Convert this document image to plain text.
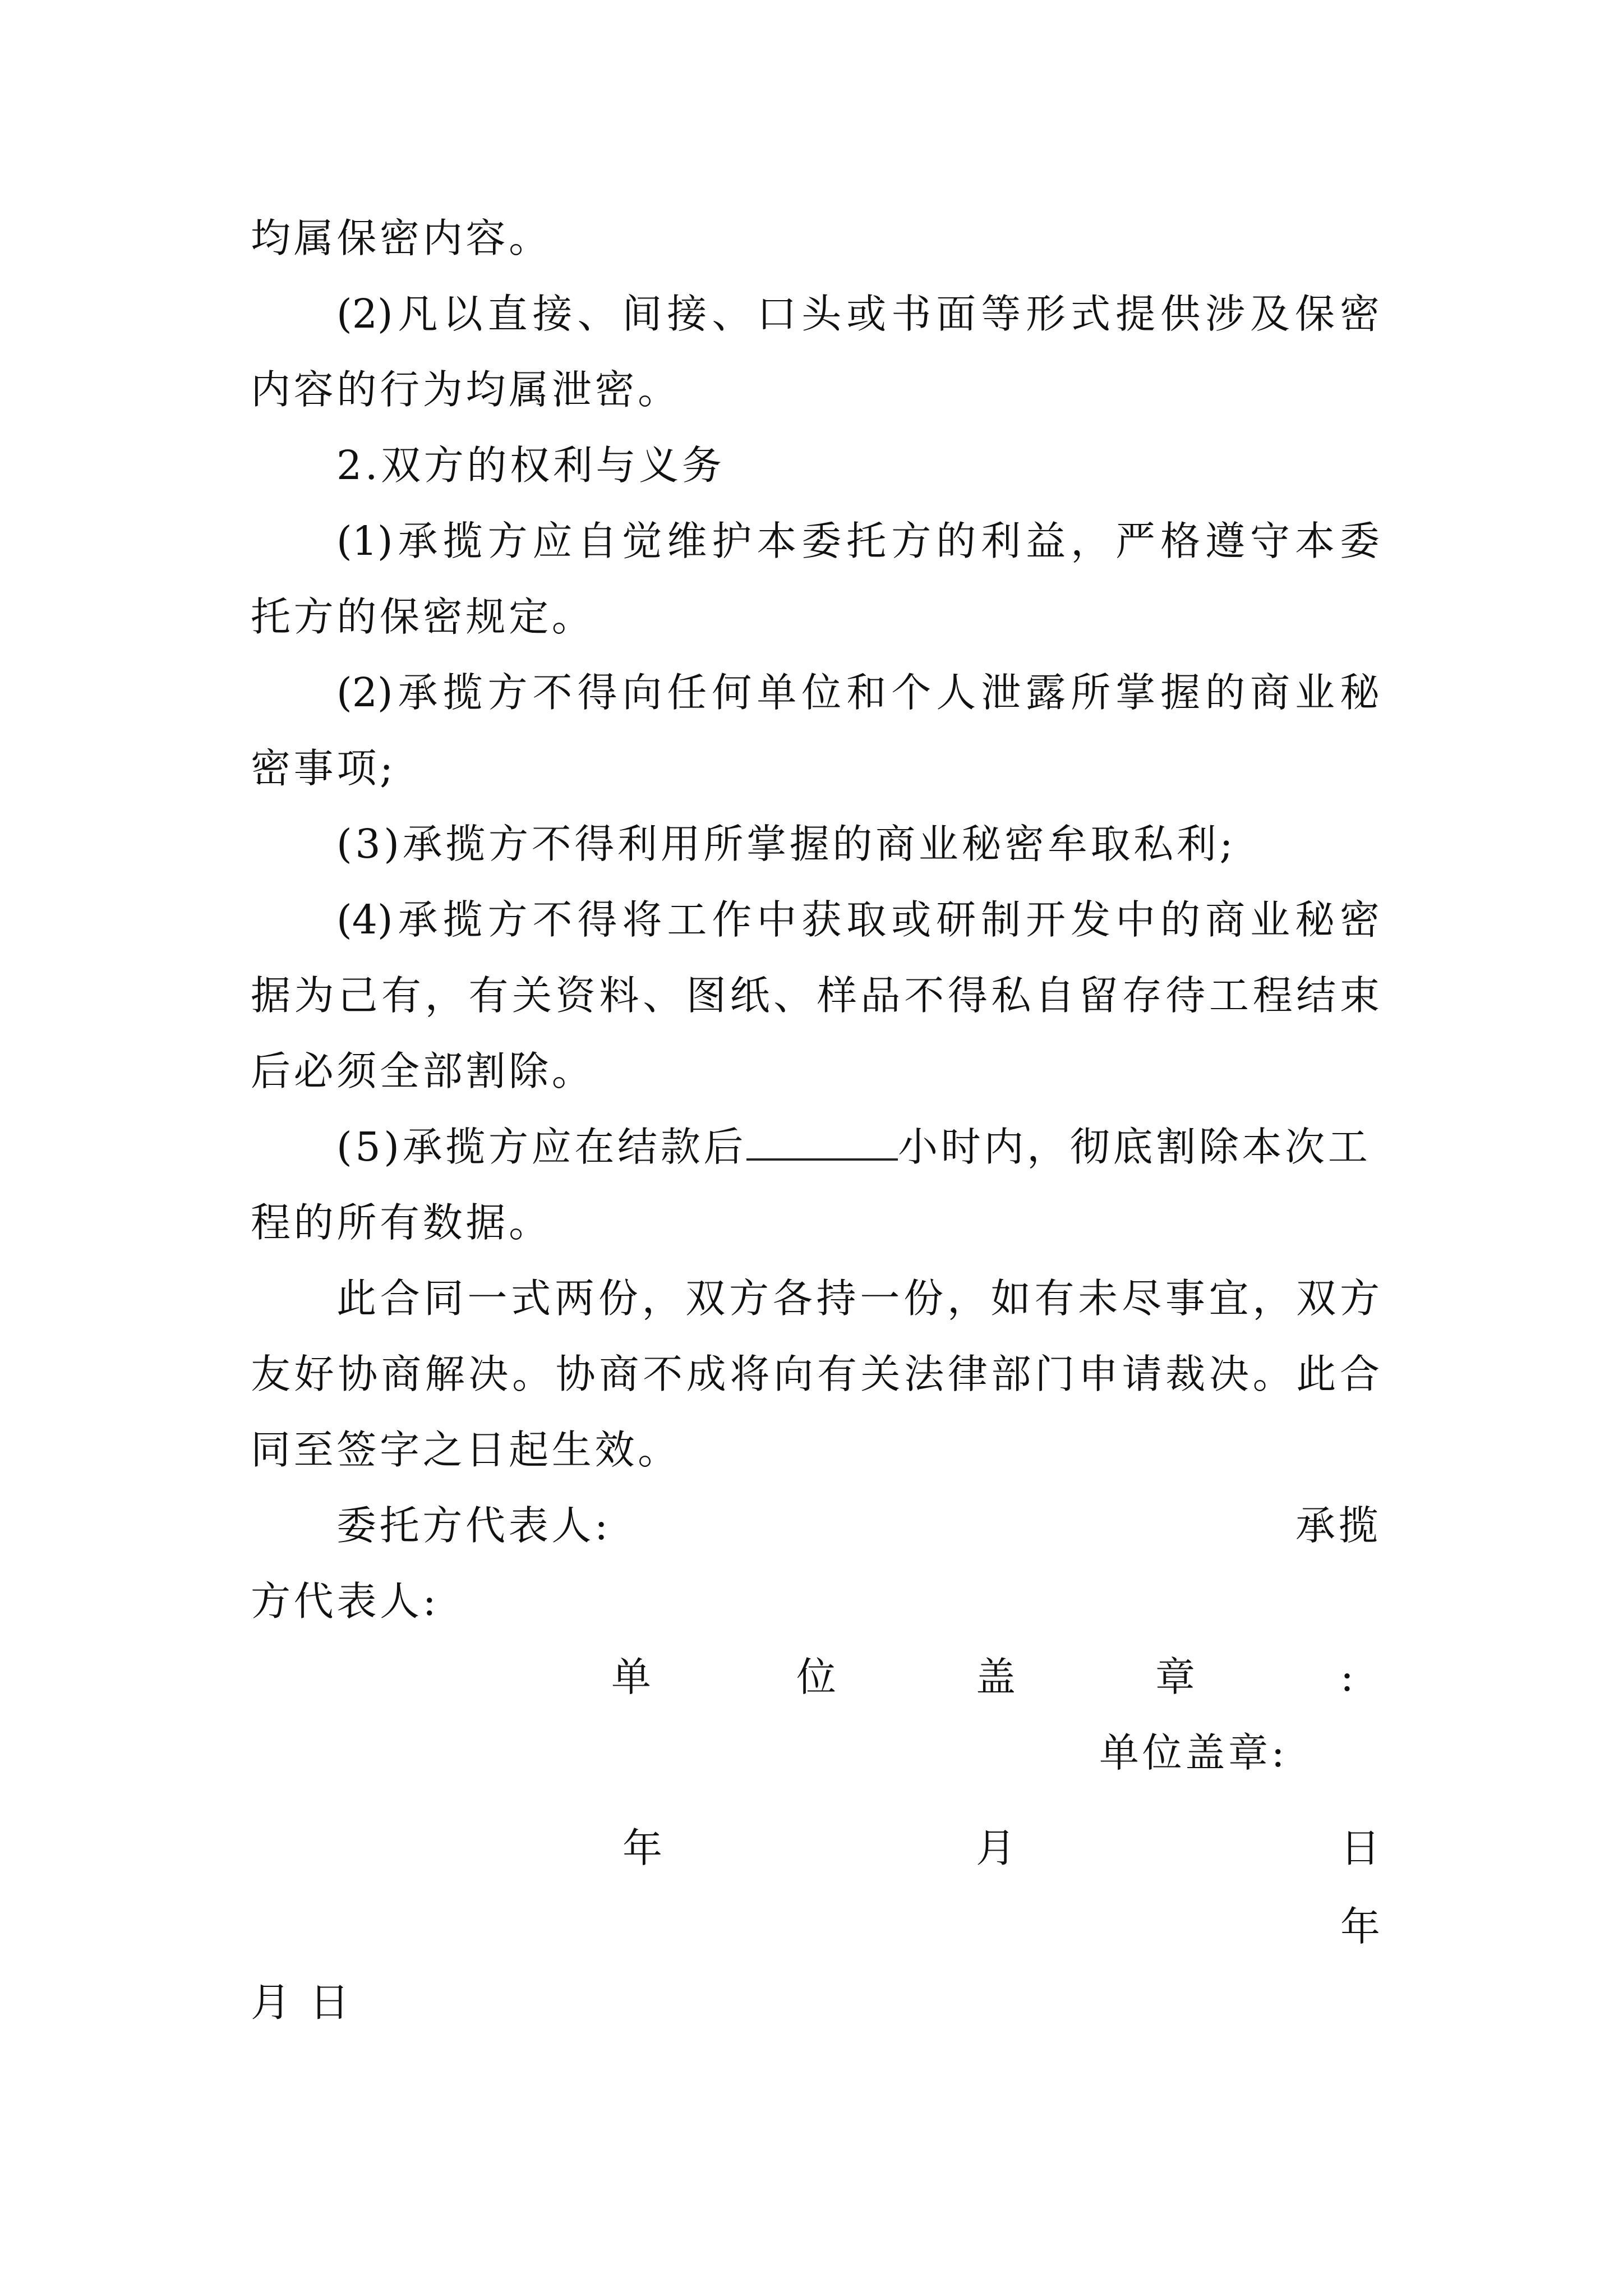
均属保密内容。
(2)凡以直接、间接、口头或书面等形式提供涉及保密
内容的行为均属泄密。
2.双方的权利与义务
(1)承揽方应自觉维护本委托方的利益，严格遵守本委
托方的保密规定。
(2)承揽方不得向任何单位和个人泄露所掌握的商业秘
密事项;
(3)承揽方不得利用所掌握的商业秘密牟取私利;
(4)承揽方不得将工作中获取或研制开发中的商业秘密
据为己有，有关资料、图纸、样品不得私自留存待工程结束
后必须全部割除。
(5)承揽方应在结款后	小时内，彻底割除本次工
程的所有数据。
此合同一式两份，双方各持一份，如有未尽事宜，双方
友好协商解决。协商不成将向有关法律部门申请裁决。此合
同至签字之日起生效。
委托方代表人:	承揽
方代表人:
单	位	盖	章	:
单位盖章:
年	月	日
年
月 日
